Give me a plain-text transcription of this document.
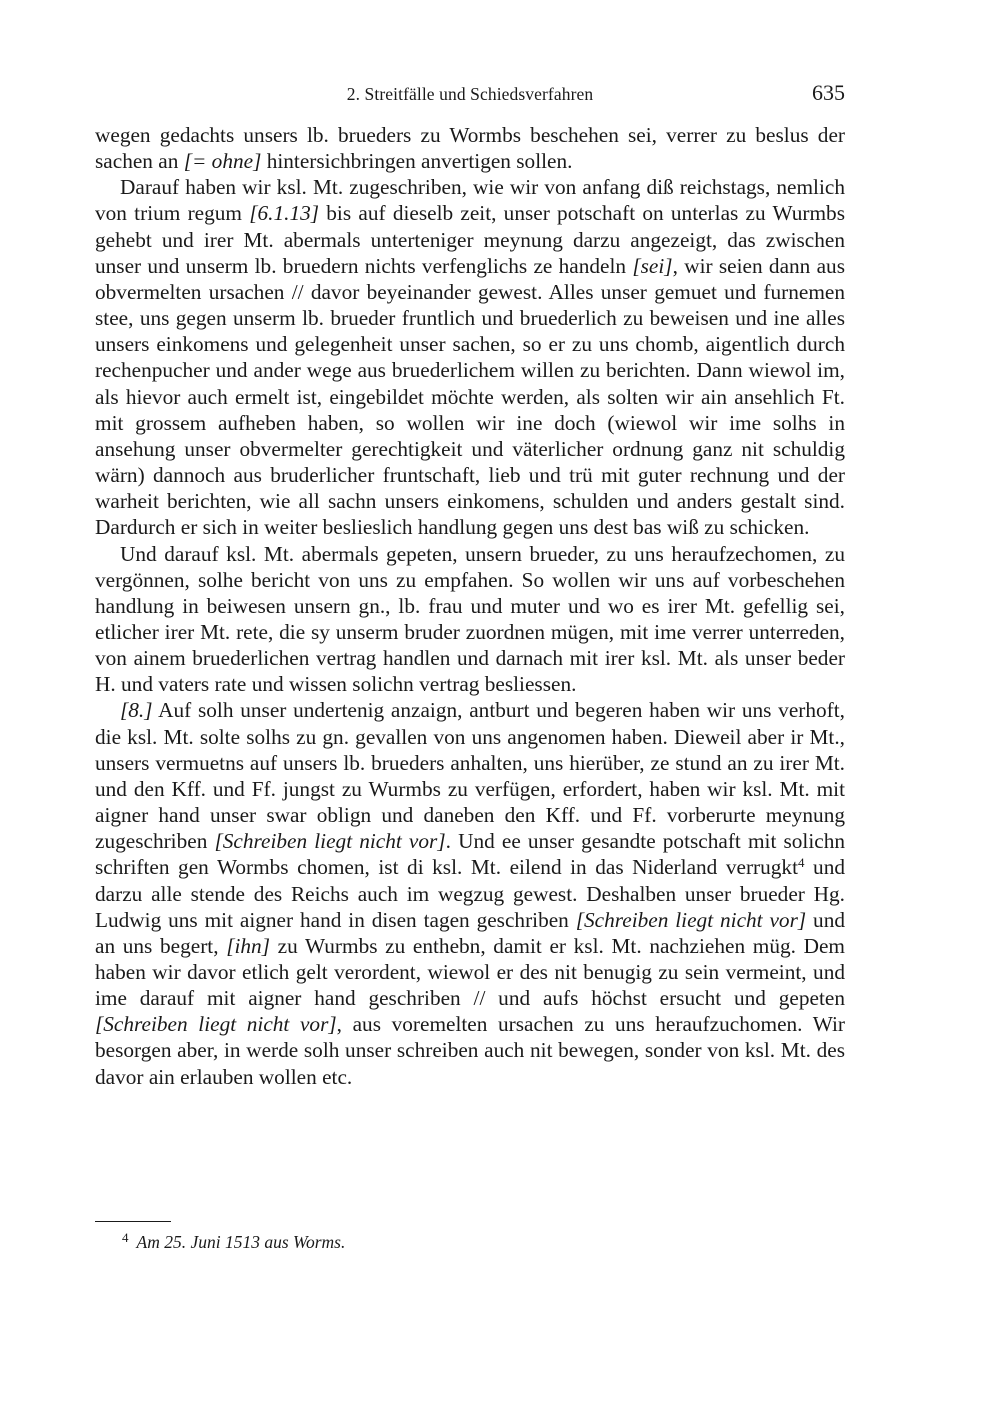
2. Streitfälle und Schiedsverfahren	635

wegen gedachts unsers lb. brueders zu Wormbs beschehen sei, verrer zu beslus der sachen an [= ohne] hintersichbringen anvertigen sollen.

Darauf haben wir ksl. Mt. zugeschriben, wie wir von anfang diß reichstags, nemlich von trium regum [6.1.13] bis auf dieselb zeit, unser potschaft on unterlas zu Wurmbs gehebt und irer Mt. abermals unterteniger meynung darzu angezeigt, das zwischen unser und unserm lb. bruedern nichts verfenglichs ze handeln [sei], wir seien dann aus obvermelten ursachen // davor beyeinander gewest. Alles unser gemuet und furnemen stee, uns gegen unserm lb. brueder fruntlich und bruederlich zu beweisen und ine alles unsers einkomens und gelegenheit unser sachen, so er zu uns chomb, aigentlich durch rechenpucher und ander wege aus bruederlichem willen zu berichten. Dann wiewol im, als hievor auch ermelt ist, eingebildet möchte werden, als solten wir ain ansehlich Ft. mit grossem aufheben haben, so wollen wir ine doch (wiewol wir ime solhs in ansehung unser obvermelter gerechtigkeit und väterlicher ordnung ganz nit schuldig wärn) dannoch aus bruderlicher fruntschaft, lieb und trü mit guter rechnung und der warheit berichten, wie all sachn unsers einkomens, schulden und anders gestalt sind. Dardurch er sich in weiter beslieslich handlung gegen uns dest bas wiß zu schicken.

Und darauf ksl. Mt. abermals gepeten, unsern brueder, zu uns heraufzechomen, zu vergönnen, solhe bericht von uns zu empfahen. So wollen wir uns auf vorbeschehen handlung in beiwesen unsern gn., lb. frau und muter und wo es irer Mt. gefellig sei, etlicher irer Mt. rete, die sy unserm bruder zuordnen mügen, mit ime verrer unterreden, von ainem bruederlichen vertrag handlen und darnach mit irer ksl. Mt. als unser beder H. und vaters rate und wissen solichn vertrag besliessen.

[8.] Auf solh unser undertenig anzaign, antburt und begeren haben wir uns verhoft, die ksl. Mt. solte solhs zu gn. gevallen von uns angenomen haben. Dieweil aber ir Mt., unsers vermuetns auf unsers lb. brueders anhalten, uns hierüber, ze stund an zu irer Mt. und den Kff. und Ff. jungst zu Wurmbs zu verfügen, erfordert, haben wir ksl. Mt. mit aigner hand unser swar oblign und daneben den Kff. und Ff. vorberurte meynung zugeschriben [Schreiben liegt nicht vor]. Und ee unser gesandte potschaft mit solichn schriften gen Wormbs chomen, ist di ksl. Mt. eilend in das Niderland verrugkt$^4$ und darzu alle stende des Reichs auch im wegzug gewest. Deshalben unser brueder Hg. Ludwig uns mit aigner hand in disen tagen geschriben [Schreiben liegt nicht vor] und an uns begert, [ihn] zu Wurmbs zu enthebn, damit er ksl. Mt. nachziehen müg. Dem haben wir davor etlich gelt verordent, wiewol er des nit benugig zu sein vermeint, und ime darauf mit aigner hand geschriben // und aufs höchst ersucht und gepeten [Schreiben liegt nicht vor], aus voremelten ursachen zu uns heraufzuchomen. Wir besorgen aber, in werde solh unser schreiben auch nit bewegen, sonder von ksl. Mt. des davor ain erlauben wollen etc.

$^4$ Am 25. Juni 1513 aus Worms.
